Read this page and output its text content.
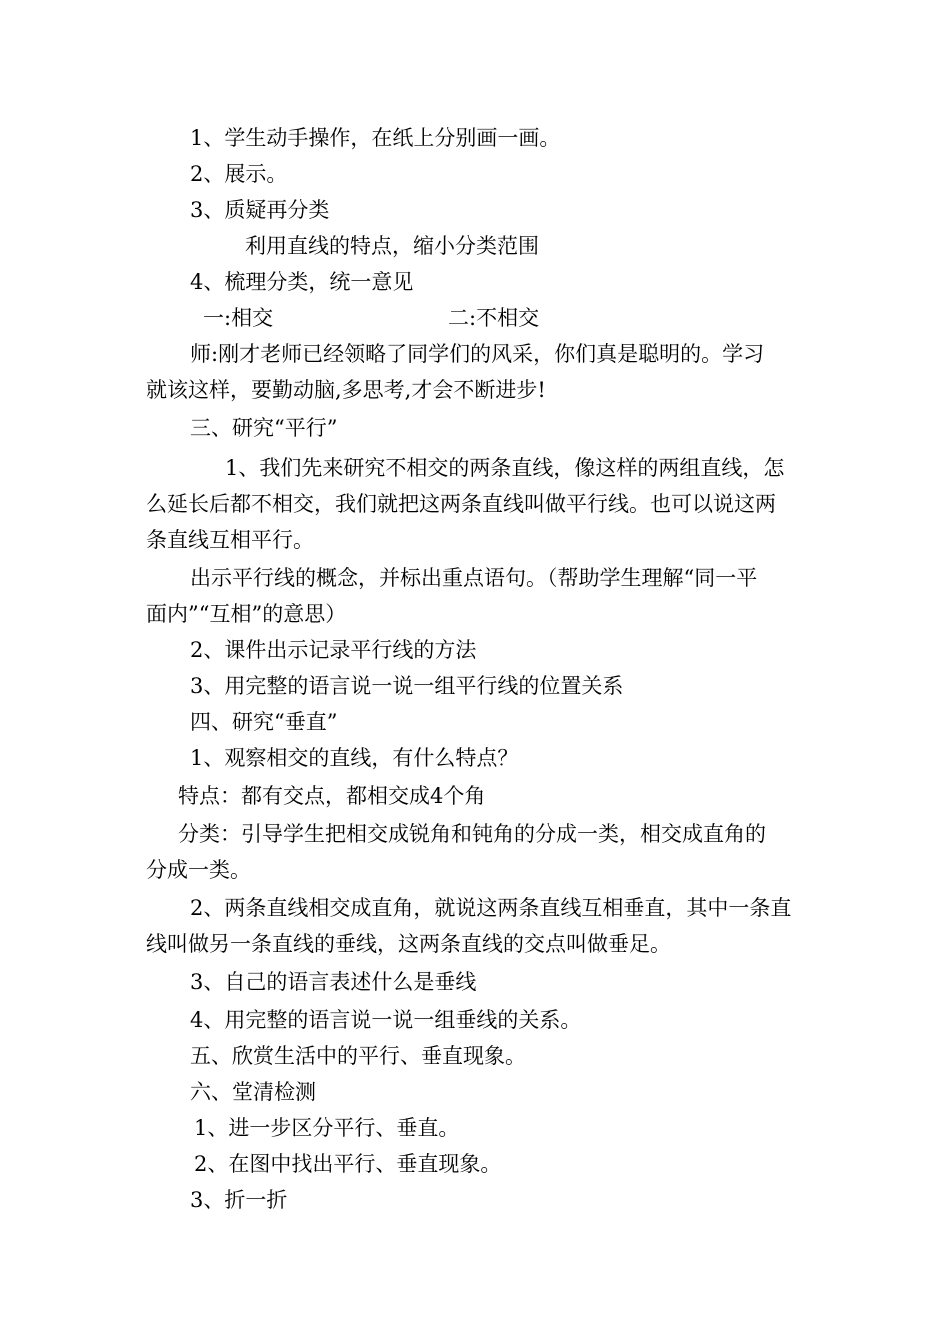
1、学生动手操作，在纸上分别画一画。

2、展示。

3、质疑再分类

利用直线的特点，缩小分类范围

4、梳理分类，统一意见

一:相交	二:不相交

师:刚才老师已经领略了同学们的风采，你们真是聪明的。学习

就该这样，要勤动脑,多思考,才会不断进步!

三、研究“平行”

1、我们先来研究不相交的两条直线，像这样的两组直线，怎

么延长后都不相交，我们就把这两条直线叫做平行线。也可以说这两

条直线互相平行。

出示平行线的概念，并标出重点语句。（帮助学生理解“同一平

面内”“互相”的意思）

2、课件出示记录平行线的方法

3、用完整的语言说一说一组平行线的位置关系

四、研究“垂直”

1、观察相交的直线，有什么特点？

特点：都有交点，都相交成4个角

分类：引导学生把相交成锐角和钝角的分成一类，相交成直角的

分成一类。

2、两条直线相交成直角，就说这两条直线互相垂直，其中一条直

线叫做另一条直线的垂线，这两条直线的交点叫做垂足。

3、自己的语言表述什么是垂线

4、用完整的语言说一说一组垂线的关系。

五、欣赏生活中的平行、垂直现象。

六、堂清检测

1、进一步区分平行、垂直。

2、在图中找出平行、垂直现象。

3、折一折
